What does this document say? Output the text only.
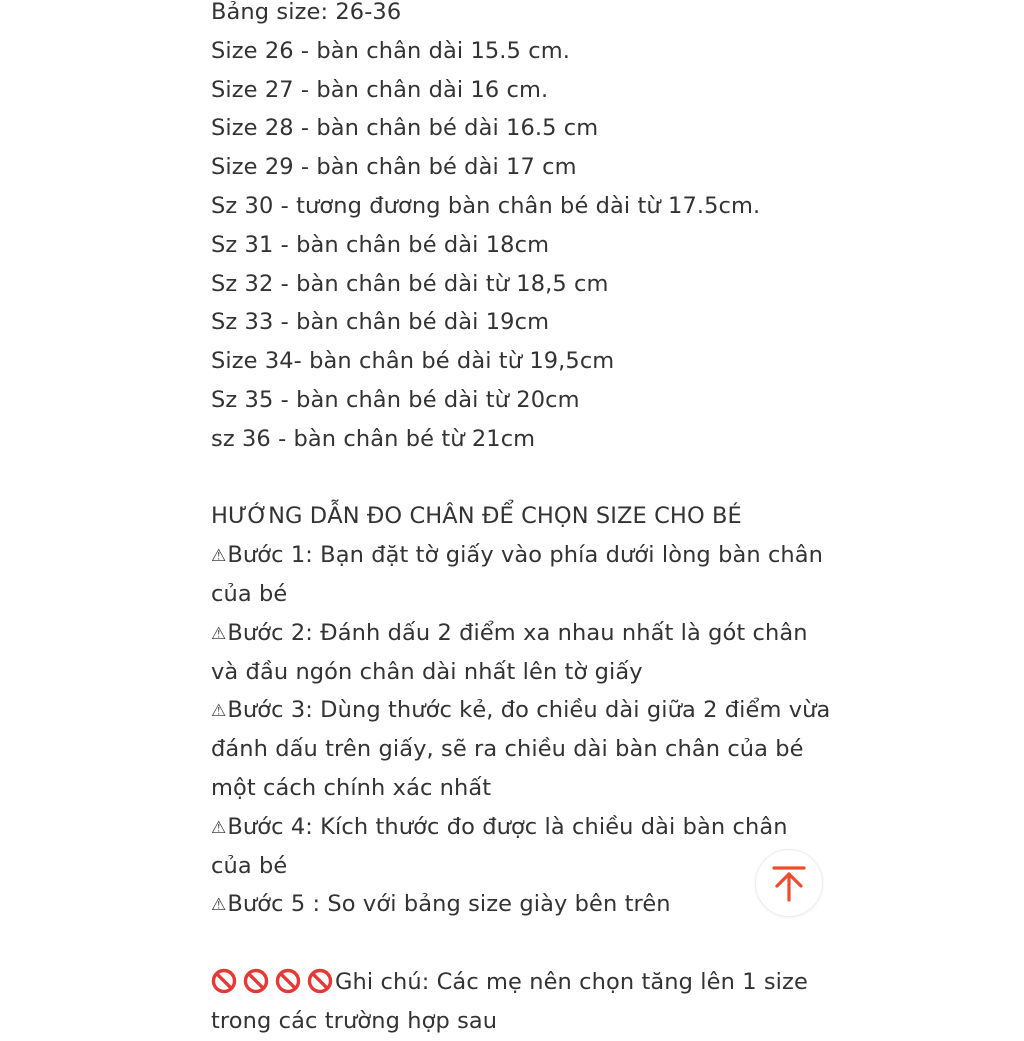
Bảng size: 26-36
Size 26 - bàn chân dài 15.5 cm.
Size 27 - bàn chân dài 16 cm.
Size 28 - bàn chân bé dài 16.5 cm
Size 29 - bàn chân bé dài 17 cm
Sz 30 - tương đương bàn chân bé dài từ 17.5cm.
Sz 31 - bàn chân bé dài 18cm
Sz 32 - bàn chân bé dài từ 18,5 cm
Sz 33 - bàn chân bé dài 19cm
Size 34- bàn chân bé dài từ 19,5cm
Sz 35 - bàn chân bé dài từ 20cm
sz 36 - bàn chân bé từ 21cm
HƯỚNG DẪN ĐO CHÂN ĐỂ CHỌN SIZE CHO BÉ
⚠Bước 1: Bạn đặt tờ giấy vào phía dưới lòng bàn chân
của bé
⚠Bước 2: Đánh dấu 2 điểm xa nhau nhất là gót chân
và đầu ngón chân dài nhất lên tờ giấy
⚠Bước 3: Dùng thước kẻ, đo chiều dài giữa 2 điểm vừa
đánh dấu trên giấy, sẽ ra chiều dài bàn chân của bé
một cách chính xác nhất
⚠Bước 4: Kích thước đo được là chiều dài bàn chân
của bé
⚠Bước 5 : So với bảng size giày bên trên
Ghi chú: Các mẹ nên chọn tăng lên 1 size
trong các trường hợp sau
